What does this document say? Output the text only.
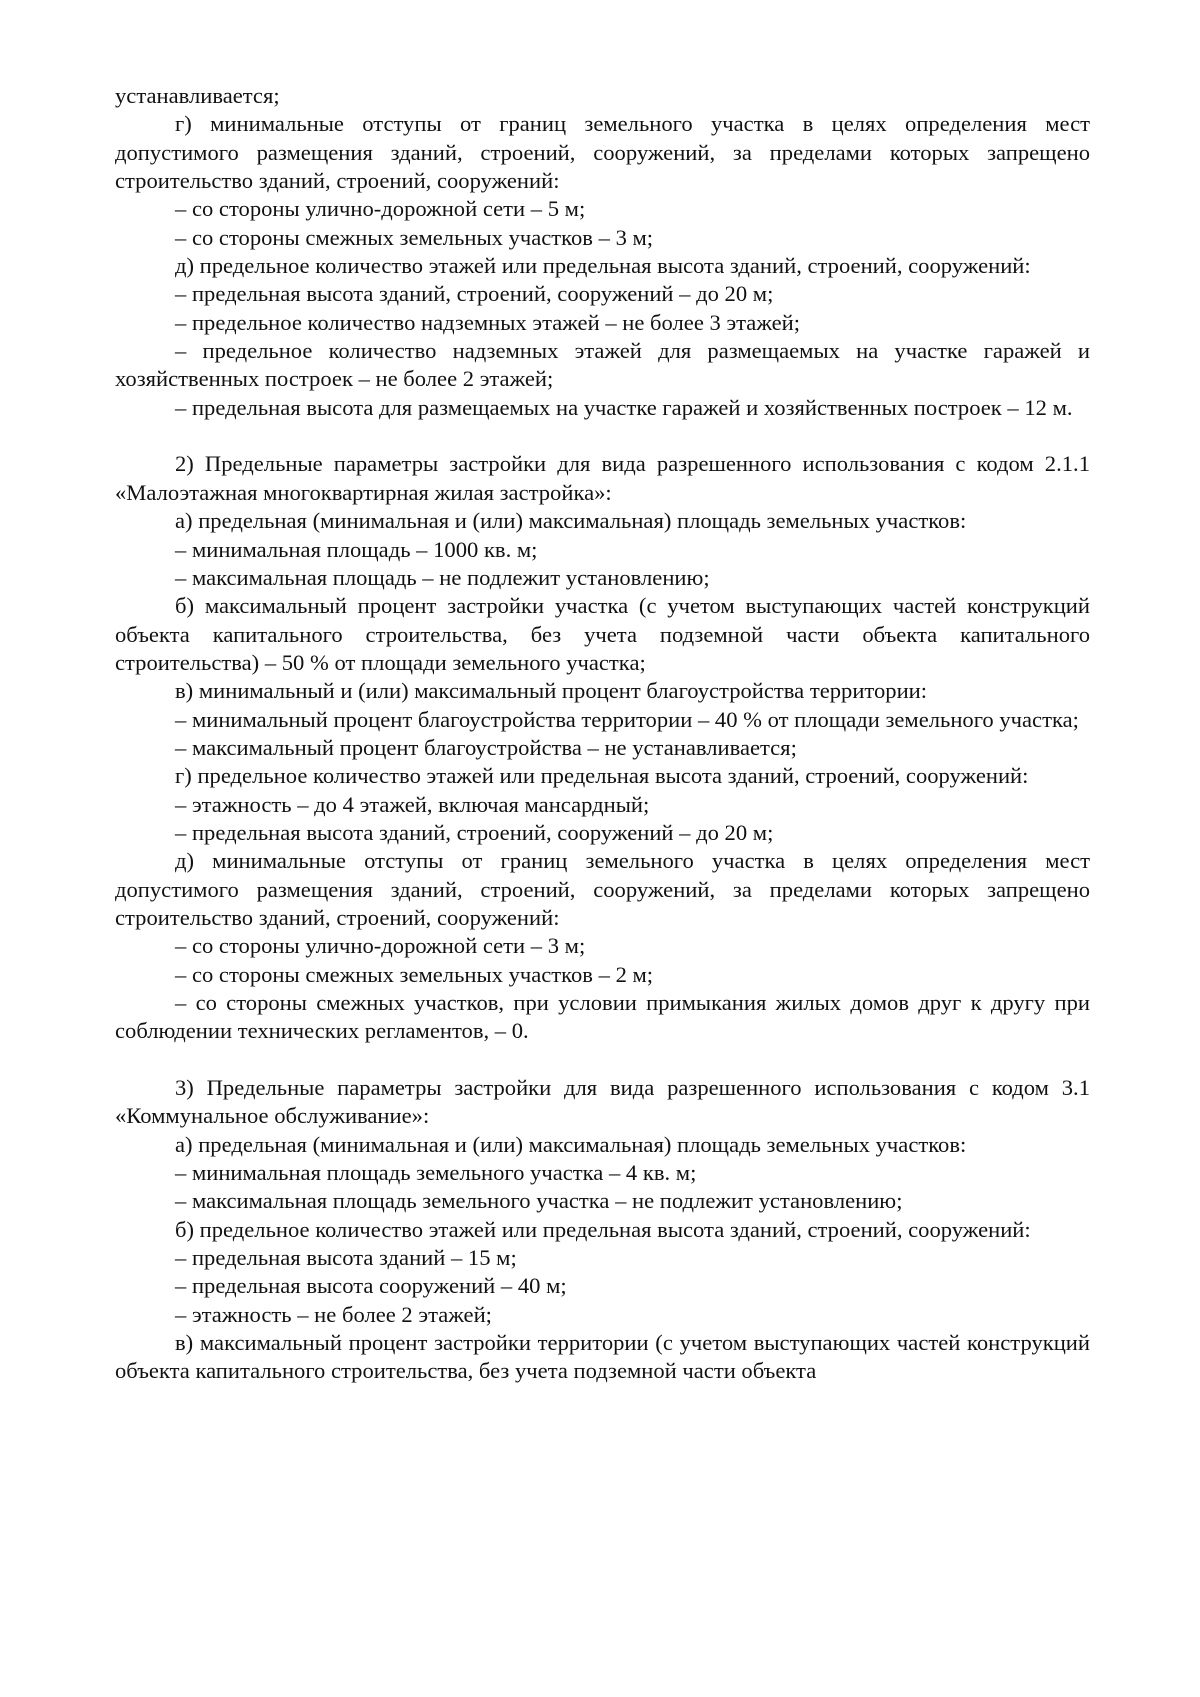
устанавливается;

г) минимальные отступы от границ земельного участка в целях определения мест допустимого размещения зданий, строений, сооружений, за пределами которых запрещено строительство зданий, строений, сооружений:

– со стороны улично-дорожной сети – 5 м;

– со стороны смежных земельных участков – 3 м;

д) предельное количество этажей или предельная высота зданий, строений, сооружений:

– предельная высота зданий, строений, сооружений – до 20 м;

– предельное количество надземных этажей – не более 3 этажей;

– предельное количество надземных этажей для размещаемых на участке гаражей и хозяйственных построек – не более 2 этажей;

– предельная высота для размещаемых на участке гаражей и хозяйственных построек – 12 м.

2) Предельные параметры застройки для вида разрешенного использования с кодом 2.1.1 «Малоэтажная многоквартирная жилая застройка»:

а) предельная (минимальная и (или) максимальная) площадь земельных участков:

– минимальная площадь – 1000 кв. м;

– максимальная площадь – не подлежит установлению;

б) максимальный процент застройки участка (с учетом выступающих частей конструкций объекта капитального строительства, без учета подземной части объекта капитального строительства) – 50 % от площади земельного участка;

в) минимальный и (или) максимальный процент благоустройства территории:

– минимальный процент благоустройства территории – 40 % от площади земельного участка;

– максимальный процент благоустройства – не устанавливается;

г) предельное количество этажей или предельная высота зданий, строений, сооружений:

– этажность – до 4 этажей, включая мансардный;

– предельная высота зданий, строений, сооружений – до 20 м;

д) минимальные отступы от границ земельного участка в целях определения мест допустимого размещения зданий, строений, сооружений, за пределами которых запрещено строительство зданий, строений, сооружений:

– со стороны улично-дорожной сети – 3 м;

– со стороны смежных земельных участков – 2 м;

– со стороны смежных участков, при условии примыкания жилых домов друг к другу при соблюдении технических регламентов, – 0.

3) Предельные параметры застройки для вида разрешенного использования с кодом 3.1 «Коммунальное обслуживание»:

а) предельная (минимальная и (или) максимальная) площадь земельных участков:

– минимальная площадь земельного участка – 4 кв. м;

– максимальная площадь земельного участка – не подлежит установлению;

б) предельное количество этажей или предельная высота зданий, строений, сооружений:

– предельная высота зданий – 15 м;

– предельная высота сооружений – 40 м;

– этажность – не более 2 этажей;

в) максимальный процент застройки территории (с учетом выступающих частей конструкций объекта капитального строительства, без учета подземной части объекта
